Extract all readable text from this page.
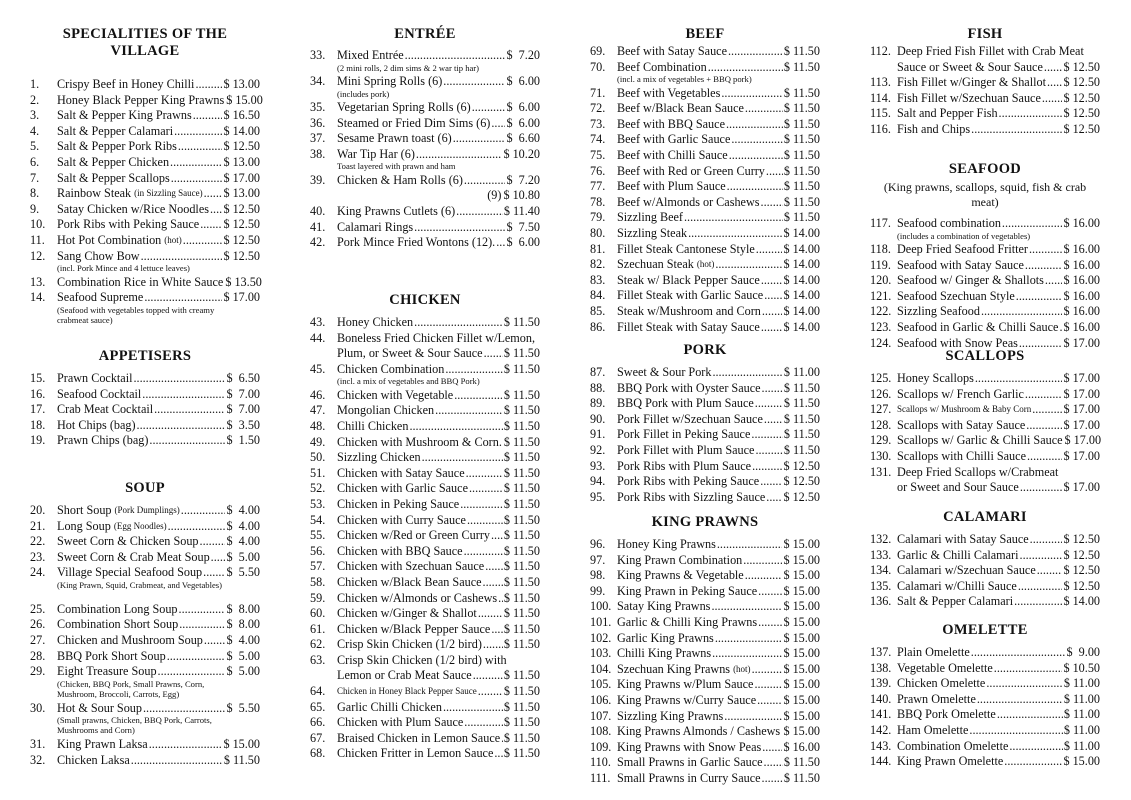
SPECIALITIES OF THE VILLAGE
1. Crispy Beef in Honey Chilli ..... $ 13.00
2. Honey Black Pepper King Prawns $ 15.00
3. Salt & Pepper King Prawns .....	$ 16.50
4. Salt & Pepper Calamari .....	$ 14.00
5. Salt & Pepper Pork Ribs .....	$ 12.50
6. Salt & Pepper Chicken .....	$ 13.00
7. Salt & Pepper Scallops .....	$ 17.00
8. Rainbow Steak (in Sizzling Sauce) ..... $ 13.00
9. Satay Chicken w/Rice Noodles ..... $ 12.50
10. Pork Ribs with Peking Sauce ..... $ 12.50
11. Hot Pot Combination (hot) .....	$ 12.50
12. Sang Chow Bow .....	$ 12.50
(incl. Pork Mince and 4 lettuce leaves)
13. Combination Rice in White Sauce $ 13.50
14. Seafood Supreme .....	$ 17.00
(Seafood with vegetables topped with creamy crabmeat sauce)
APPETISERS
15. Prawn Cocktail .....	$  6.50
16. Seafood Cocktail .....	$  7.00
17. Crab Meat Cocktail .....	$  7.00
18. Hot Chips (bag) .....	$  3.50
19. Prawn Chips (bag) .....	$  1.50
SOUP
20. Short Soup (Pork Dumplings) .....	$  4.00
21. Long Soup (Egg Noodles) .....	$  4.00
22. Sweet Corn & Chicken Soup ..... $  4.00
23. Sweet Corn & Crab Meat Soup ..... $  5.00
24. Village Special Seafood Soup ..... $  5.50
(King Prawn, Squid, Crabmeat, and Vegetables)
25. Combination Long Soup .....	$  8.00
26. Combination Short Soup .....	$  8.00
27. Chicken and Mushroom Soup ..... $  4.00
28. BBQ Pork Short Soup .....	$  5.00
29. Eight Treasure Soup .....	$  5.00
(Chicken, BBQ Pork, Small Prawns, Corn, Mushroom, Broccoli, Carrots, Egg)
30. Hot & Sour Soup .....	$  5.50
(Small prawns, Chicken, BBQ Pork, Carrots, Mushrooms and Corn)
31. King Prawn Laksa .....	$ 15.00
32. Chicken Laksa .....	$ 11.50
ENTRÉE
33. Mixed Entrée .....	$  7.20
(2 mini rolls, 2 dim sims & 2 war tip har)
34. Mini Spring Rolls (6) .....	$  6.00
(includes pork)
35. Vegetarian Spring Rolls (6) .....	$  6.00
36. Steamed or Fried Dim Sims (6) ..... $  6.00
37. Sesame Prawn toast (6) .....	$  6.60
38. War Tip Har (6) .....	$ 10.20
Toast layered with prawn and ham
39. Chicken & Ham Rolls (6) .....	$  7.20
(9) $ 10.80
40. King Prawns Cutlets (6) .....	$ 11.40
41. Calamari Rings .....	$  7.50
42. Pork Mince Fried Wontons (12). ..... $  6.00
CHICKEN
43. Honey Chicken .....	$ 11.50
44. Boneless Fried Chicken Fillet w/Lemon,
Plum, or Sweet & Sour Sauce ..... $ 11.50
45. Chicken Combination .....	$ 11.50
(incl. a mix of vegetables and BBQ Pork)
46. Chicken with Vegetable .....	$ 11.50
47. Mongolian Chicken .....	$ 11.50
48. Chilli Chicken .....	$ 11.50
49. Chicken with Mushroom & Corn. $ 11.50
50. Sizzling Chicken .....	$ 11.50
51. Chicken with Satay Sauce .....	$ 11.50
52. Chicken with Garlic Sauce .....	$ 11.50
53. Chicken in Peking Sauce .....	$ 11.50
54. Chicken with Curry Sauce .....	$ 11.50
55. Chicken w/Red or Green Curry ..... $ 11.50
56. Chicken with BBQ Sauce .....	$ 11.50
57. Chicken with Szechuan Sauce ..... $ 11.50
58. Chicken w/Black Bean Sauce ..... $ 11.50
59. Chicken w/Almonds or Cashews ..... $ 11.50
60. Chicken w/Ginger & Shallot ..... $ 11.50
61. Chicken w/Black Pepper Sauce ..... $ 11.50
62. Crisp Skin Chicken (1/2 bird) ..... $ 11.50
63. Crisp Skin Chicken (1/2 bird) with
Lemon or Crab Meat Sauce .....	$ 11.50
64. Chicken in Honey Black Pepper Sauce ..... $ 11.50
65. Garlic Chilli Chicken .....	$ 11.50
66. Chicken with Plum Sauce .....	$ 11.50
67. Braised Chicken in Lemon Sauce ..... $ 11.50
68. Chicken Fritter in Lemon Sauce ..... $ 11.50
BEEF
69. Beef with Satay Sauce .....	$ 11.50
70. Beef Combination .....	$ 11.50
(incl. a mix of vegetables + BBQ pork)
71. Beef with Vegetables .....	$ 11.50
72. Beef w/Black Bean Sauce .....	$ 11.50
73. Beef with BBQ Sauce .....	$ 11.50
74. Beef with Garlic Sauce .....	$ 11.50
75. Beef with Chilli Sauce .....	$ 11.50
76. Beef with Red or Green Curry ..... $ 11.50
77. Beef with Plum Sauce .....	$ 11.50
78. Beef w/Almonds or Cashews ..... $ 11.50
79. Sizzling Beef .....	$ 11.50
80. Sizzling Steak .....	$ 14.00
81. Fillet Steak Cantonese Style ..... $ 14.00
82. Szechuan Steak (hot) .....	$ 14.00
83. Steak w/ Black Pepper Sauce ..... $ 14.00
84. Fillet Steak with Garlic Sauce ..... $ 14.00
85. Steak w/Mushroom and Corn ..... $ 14.00
86. Fillet Steak with Satay Sauce ..... $ 14.00
PORK
87. Sweet & Sour Pork .....	$ 11.00
88. BBQ Pork with Oyster Sauce ..... $ 11.50
89. BBQ Pork with Plum Sauce ..... $ 11.50
90. Pork Fillet w/Szechuan Sauce ..... $ 11.50
91. Pork Fillet in Peking Sauce .....	$ 11.50
92. Pork Fillet with Plum Sauce ..... $ 11.50
93. Pork Ribs with Plum Sauce .....	$ 12.50
94. Pork Ribs with Peking Sauce ..... $ 12.50
95. Pork Ribs with Sizzling Sauce ..... $ 12.50
KING PRAWNS
96. Honey King Prawns .....	$ 15.00
97. King Prawn Combination .....	$ 15.00
98. King Prawns & Vegetable .....	$ 15.00
99. King Prawn in Peking Sauce ..... $ 15.00
100. Satay King Prawns .....	$ 15.00
101. Garlic & Chilli King Prawns ..... $ 15.00
102. Garlic King Prawns .....	$ 15.00
103. Chilli King Prawns .....	$ 15.00
104. Szechuan King Prawns (hot) .....	$ 15.00
105. King Prawns w/Plum Sauce ..... $ 15.00
106. King Prawns w/Curry Sauce ..... $ 15.00
107. Sizzling King Prawns .....	$ 15.00
108. King Prawns Almonds / Cashews ..... $ 15.00
109. King Prawns with Snow Peas ..... $ 16.00
110. Small Prawns in Garlic Sauce ..... $ 11.50
111. Small Prawns in Curry Sauce ..... $ 11.50
FISH
112. Deep Fried Fish Fillet with Crab Meat
Sauce or Sweet & Sour Sauce ..... $ 12.50
113. Fish Fillet w/Ginger & Shallot ..... $ 12.50
114. Fish Fillet w/Szechuan Sauce ..... $ 12.50
115. Salt and Pepper Fish .....	$ 12.50
116. Fish and Chips .....	$ 12.50
SEAFOOD
(King prawns, scallops, squid, fish & crab meat)
117. Seafood combination .....	$ 16.00
(includes a combination of vegetables)
118. Deep Fried Seafood Fritter .....	$ 16.00
119. Seafood with Satay Sauce .....	$ 16.00
120. Seafood w/ Ginger & Shallots ..... $ 16.00
121. Seafood Szechuan Style .....	$ 16.00
122. Sizzling Seafood .....	$ 16.00
123. Seafood in Garlic & Chilli Sauce ..... $ 16.00
124. Seafood with Snow Peas .....	$ 17.00
SCALLOPS
125. Honey Scallops .....	$ 17.00
126. Scallops w/ French Garlic .....	$ 17.00
127. Scallops w/ Mushroom & Baby Corn .....	$ 17.00
128. Scallops with Satay Sauce .....	$ 17.00
129. Scallops w/ Garlic & Chilli Sauce $ 17.00
130. Scallops with Chilli Sauce .....	$ 17.00
131. Deep Fried Scallops w/Crabmeat
or Sweet and Sour Sauce .....	$ 17.00
CALAMARI
132. Calamari with Satay Sauce .....	$ 12.50
133. Garlic & Chilli Calamari .....	$ 12.50
134. Calamari w/Szechuan Sauce ..... $ 12.50
135. Calamari w/Chilli Sauce .....	$ 12.50
136. Salt & Pepper Calamari .....	$ 14.00
OMELETTE
137. Plain Omelette .....	$  9.00
138. Vegetable Omelette .....	$ 10.50
139. Chicken Omelette .....	$ 11.00
140. Prawn Omelette .....	$ 11.00
141. BBQ Pork Omelette .....	$ 11.00
142. Ham Omelette .....	$ 11.00
143. Combination Omelette .....	$ 11.00
144. King Prawn Omelette .....	$ 15.00
